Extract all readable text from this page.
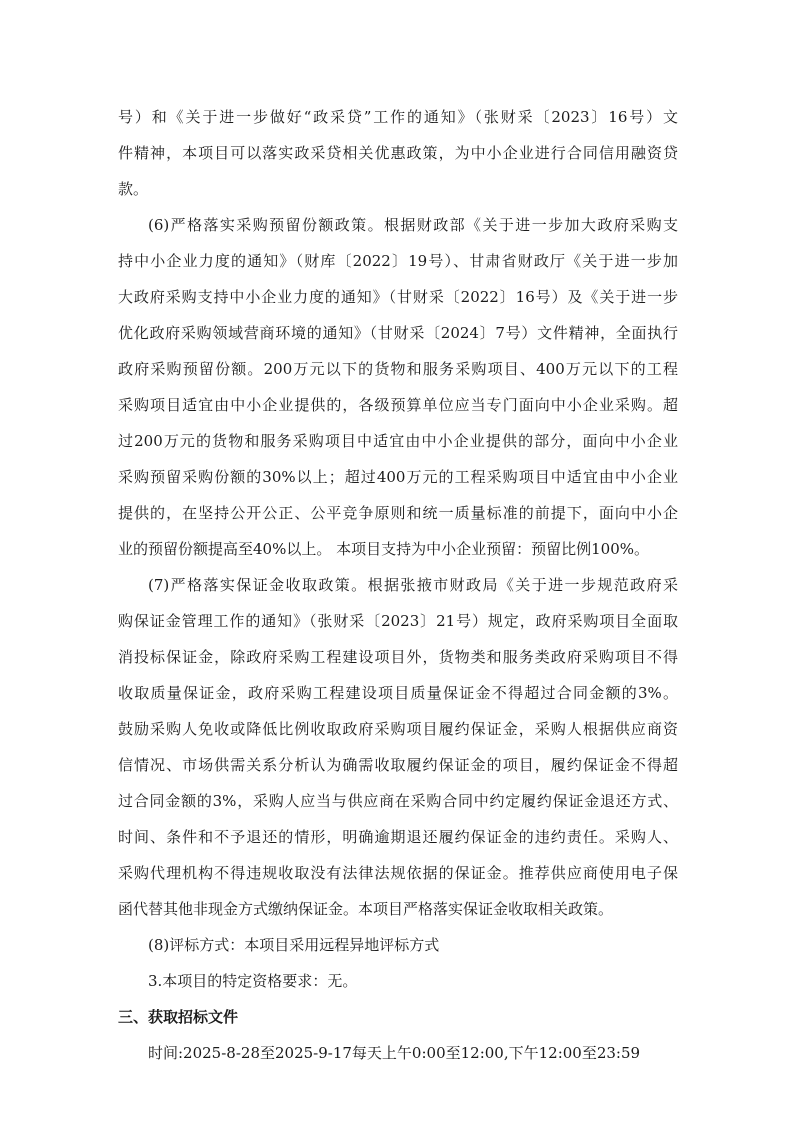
号）和《关于进一步做好“政采贷”工作的通知》（张财采〔2023〕16号）文
件精神，本项目可以落实政采贷相关优惠政策，为中小企业进行合同信用融资贷
款。
(6)严格落实采购预留份额政策。根据财政部《关于进一步加大政府采购支
持中小企业力度的通知》（财库〔2022〕19号）、甘肃省财政厅《关于进一步加
大政府采购支持中小企业力度的通知》（甘财采〔2022〕16号）及《关于进一步
优化政府采购领域营商环境的通知》（甘财采〔2024〕7号）文件精神，全面执行
政府采购预留份额。200万元以下的货物和服务采购项目、400万元以下的工程
采购项目适宜由中小企业提供的，各级预算单位应当专门面向中小企业采购。超
过200万元的货物和服务采购项目中适宜由中小企业提供的部分，面向中小企业
采购预留采购份额的30%以上；超过400万元的工程采购项目中适宜由中小企业
提供的，在坚持公开公正、公平竞争原则和统一质量标准的前提下，面向中小企
业的预留份额提高至40%以上。 本项目支持为中小企业预留：预留比例100%。
(7)严格落实保证金收取政策。根据张掖市财政局《关于进一步规范政府采
购保证金管理工作的通知》（张财采〔2023〕21号）规定，政府采购项目全面取
消投标保证金，除政府采购工程建设项目外，货物类和服务类政府采购项目不得
收取质量保证金，政府采购工程建设项目质量保证金不得超过合同金额的3%。
鼓励采购人免收或降低比例收取政府采购项目履约保证金，采购人根据供应商资
信情况、市场供需关系分析认为确需收取履约保证金的项目，履约保证金不得超
过合同金额的3%，采购人应当与供应商在采购合同中约定履约保证金退还方式、
时间、条件和不予退还的情形，明确逾期退还履约保证金的违约责任。采购人、
采购代理机构不得违规收取没有法律法规依据的保证金。推荐供应商使用电子保
函代替其他非现金方式缴纳保证金。本项目严格落实保证金收取相关政策。
(8)评标方式：本项目采用远程异地评标方式
3.本项目的特定资格要求：无。
三、获取招标文件
时间:2025-8-28至2025-9-17每天上午0:00至12:00,下午12:00至23:59
